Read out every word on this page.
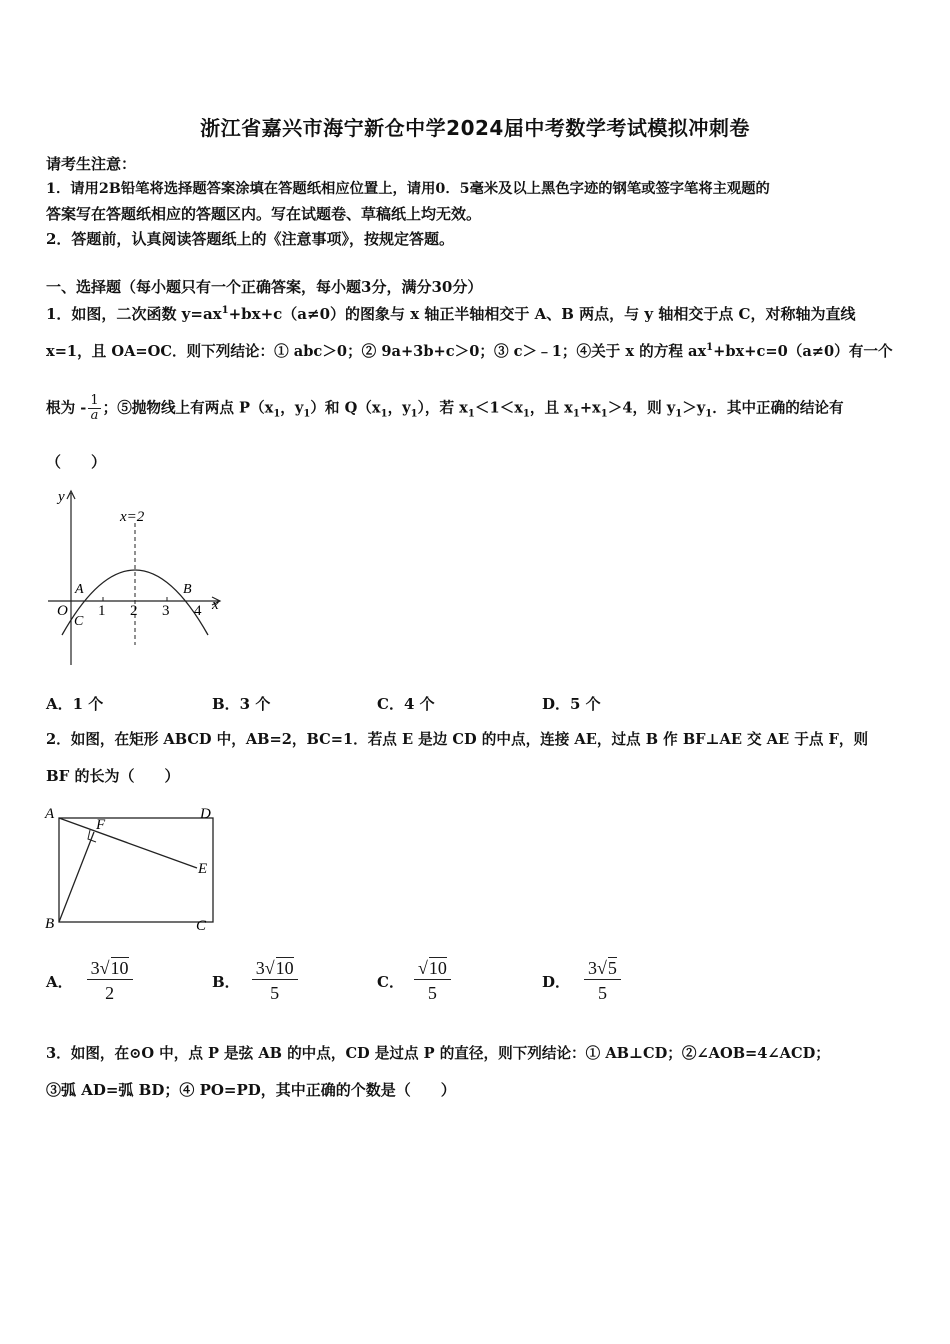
浙江省嘉兴市海宁新仓中学2024届中考数学考试模拟冲刺卷
请考生注意：
1．请用2B铅笔将选择题答案涂填在答题纸相应位置上，请用0．5毫米及以上黑色字迹的钢笔或签字笔将主观题的
答案写在答题纸相应的答题区内。写在试题卷、草稿纸上均无效。
2．答题前，认真阅读答题纸上的《注意事项》，按规定答题。
一、选择题（每小题只有一个正确答案，每小题3分，满分30分）
1．如图，二次函数 $y=ax^1+bx+c(a\ne 0)$的图象与 x 轴正半轴相交于 A、B 两点，与 y 轴相交于点 C，对称轴为直线
x=1，且 OA=OC．则下列结论：① abc＞0；② 9a+3b+c＞0；③ c＞﹣1；④关于 x 的方程 $ax^1+bx+c=0(a\ne 0)$有一个
根为 - $\frac{1}{a}$ ；⑤抛物线上有两点 $P(x_1$，$y_1$）和 $Q(x_1$，$y_1$），若 $x_1<1<x_1$，且 $x_1+x_1>4$，则 $y_1>y_1$．其中正确的结论有
（　　）
y
x
x=2
O
A	B
C
1 2 3 4
A．1 个	B．3 个	C．4 个	D．5 个
2．如图，在矩形 ABCD 中，AB=2，BC=1．若点 E 是边 CD 的中点，连接 AE，过点 B 作 BF⊥AE 交 AE 于点 F，则
BF 的长为（　　）
A	D
F
E
B	C
A． $\frac{3√10}{2}$	B． $\frac{3√10}{5}$	C． $\frac{√10}{5}$	D． $\frac{3√5}{5}$
3．如图，在⊙O 中，点 P 是弦 AB 的中点，CD 是过点 P 的直径，则下列结论：① AB⊥CD；②∠AOB=4∠ACD；
③弧 AD=弧 BD；④ PO=PD，其中正确的个数是（　　）
